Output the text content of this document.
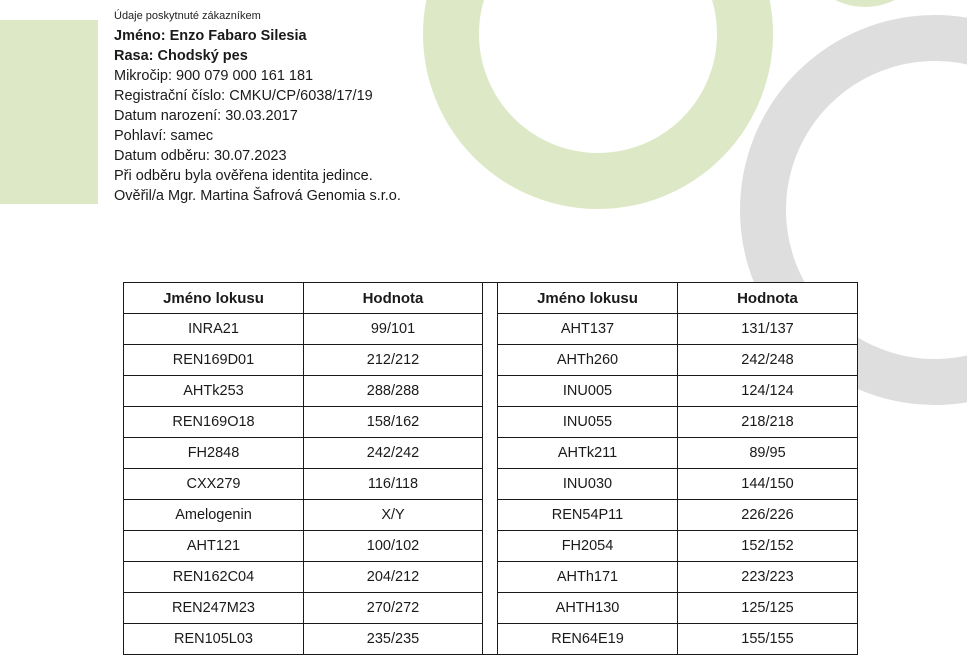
Údaje poskytnuté zákazníkem
Jméno: Enzo Fabaro Silesia
Rasa: Chodský pes
Mikročip: 900 079 000 161 181
Registrační číslo: CMKU/CP/6038/17/19
Datum narození: 30.03.2017
Pohlaví: samec
Datum odběru: 30.07.2023
Při odběru byla ověřena identita jedince.
Ověřil/a Mgr. Martina Šafrová Genomia s.r.o.
Jméno lokusu	Hodnota		Jméno lokusu	Hodnota
INRA21	99/101		AHT137	131/137
REN169D01	212/212		AHTh260	242/248
AHTk253	288/288		INU005	124/124
REN169O18	158/162		INU055	218/218
FH2848	242/242		AHTk211	89/95
CXX279	116/118		INU030	144/150
Amelogenin	X/Y		REN54P11	226/226
AHT121	100/102		FH2054	152/152
REN162C04	204/212		AHTh171	223/223
REN247M23	270/272		AHTH130	125/125
REN105L03	235/235		REN64E19	155/155
